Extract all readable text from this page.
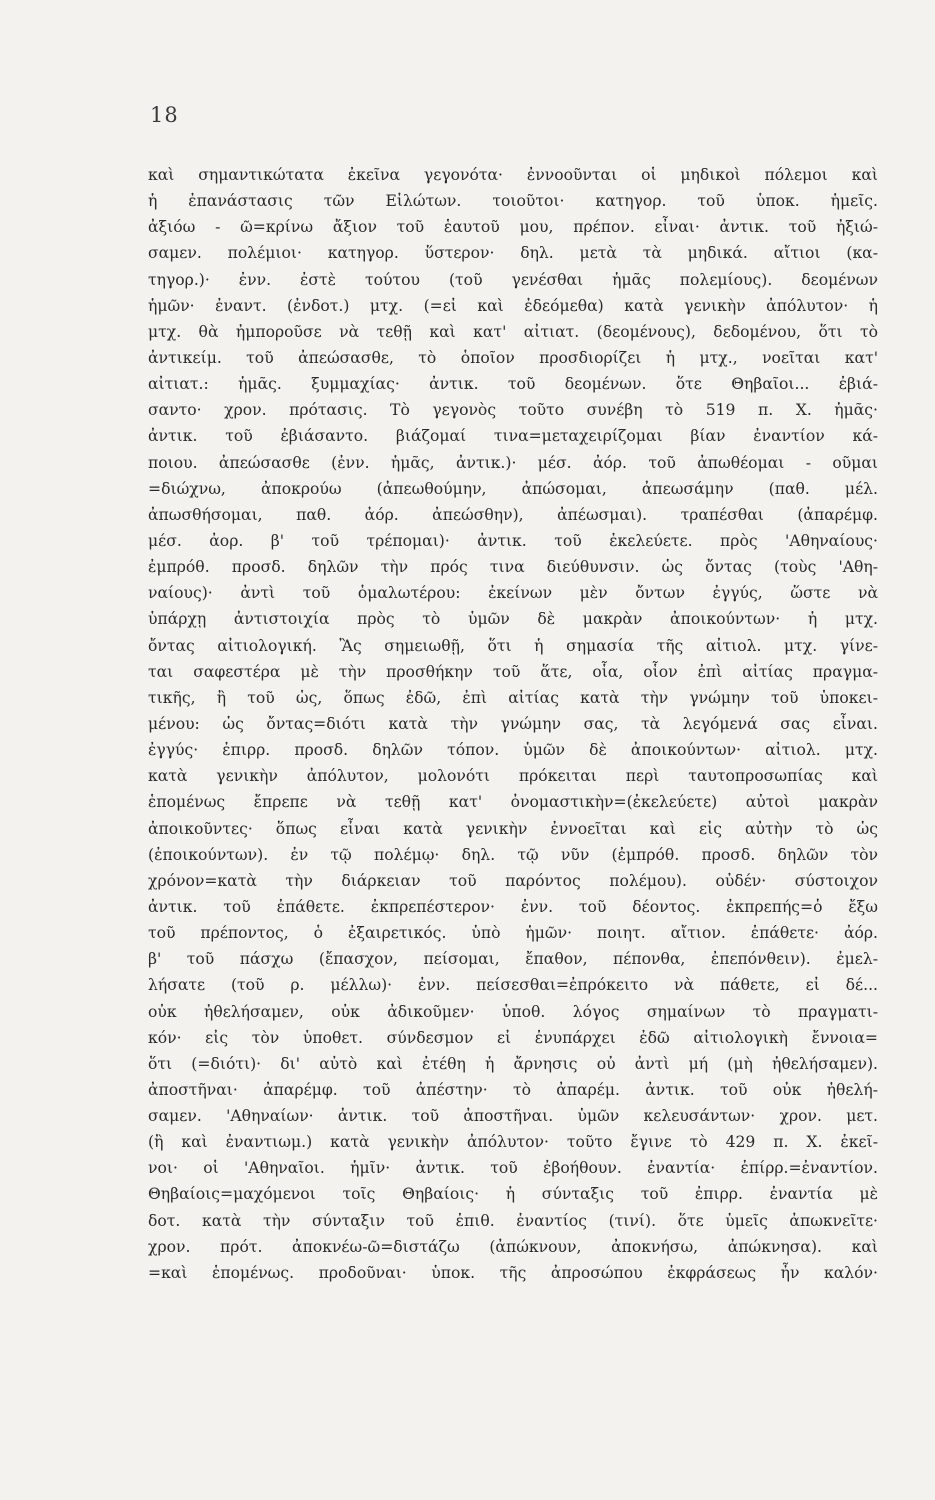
18
καὶ σημαντικώτατα ἐκεῖνα γεγονότα· ἐννοοῦνται οἱ μηδικοὶ πόλεμοι καὶ
ἡ ἐπανάστασις τῶν Εἱλώτων. τοιοῦτοι· κατηγορ. τοῦ ὑποκ. ἡμεῖς.
ἀξιόω - ῶ=κρίνω ἄξιον τοῦ ἑαυτοῦ μου, πρέπον. εἶναι· ἀντικ. τοῦ ἠξιώ-
σαμεν. πολέμιοι· κατηγορ. ὕστερον· δηλ. μετὰ τὰ μηδικά. αἴτιοι (κα-
τηγορ.)· ἐνν. ἐστὲ τούτου (τοῦ γενέσθαι ἡμᾶς πολεμίους). δεομένων
ἡμῶν· ἐναντ. (ἐνδοτ.) μτχ. (=εἰ καὶ ἐδεόμεθα) κατὰ γενικὴν ἀπόλυτον· ἡ
μτχ. θὰ ἠμποροῦσε νὰ τεθῇ καὶ κατ' αἰτιατ. (δεομένους), δεδομένου, ὅτι τὸ
ἀντικείμ. τοῦ ἀπεώσασθε, τὸ ὁποῖον προσδιορίζει ἡ μτχ., νοεῖται κατ'
αἰτιατ.: ἡμᾶς. ξυμμαχίας· ἀντικ. τοῦ δεομένων. ὅτε Θηβαῖοι... ἐβιά-
σαντο· χρον. πρότασις. Τὸ γεγονὸς τοῦτο συνέβη τὸ 519 π. Χ. ἡμᾶς·
ἀντικ. τοῦ ἐβιάσαντο. βιάζομαί τινα=μεταχειρίζομαι βίαν ἐναντίον κά-
ποιου. ἀπεώσασθε (ἐνν. ἡμᾶς, ἀντικ.)· μέσ. ἀόρ. τοῦ ἀπωθέομαι - οῦμαι
=διώχνω, ἀποκρούω (ἀπεωθούμην, ἀπώσομαι, ἀπεωσάμην (παθ. μέλ.
ἀπωσθήσομαι, παθ. ἀόρ. ἀπεώσθην), ἀπέωσμαι). τραπέσθαι (ἀπαρέμφ.
μέσ. ἀορ. β' τοῦ τρέπομαι)· ἀντικ. τοῦ ἐκελεύετε. πρὸς 'Αθηναίους·
ἐμπρόθ. προσδ. δηλῶν τὴν πρός τινα διεύθυνσιν. ὡς ὄντας (τοὺς 'Αθη-
ναίους)· ἀντὶ τοῦ ὁμαλωτέρου: ἐκείνων μὲν ὄντων ἐγγύς, ὥστε νὰ
ὑπάρχῃ ἀντιστοιχία πρὸς τὸ ὑμῶν δὲ μακρὰν ἀποικούντων· ἡ μτχ.
ὄντας αἰτιολογική. Ἂς σημειωθῇ, ὅτι ἡ σημασία τῆς αἰτιολ. μτχ. γίνε-
ται σαφεστέρα μὲ τὴν προσθήκην τοῦ ἅτε, οἷα, οἷον ἐπὶ αἰτίας πραγμα-
τικῆς, ἢ τοῦ ὡς, ὅπως ἐδῶ, ἐπὶ αἰτίας κατὰ τὴν γνώμην τοῦ ὑποκει-
μένου: ὡς ὄντας=διότι κατὰ τὴν γνώμην σας, τὰ λεγόμενά σας εἶναι.
ἐγγύς· ἐπιρρ. προσδ. δηλῶν τόπον. ὑμῶν δὲ ἀποικούντων· αἰτιολ. μτχ.
κατὰ γενικὴν ἀπόλυτον, μολονότι πρόκειται περὶ ταυτοπροσωπίας καὶ
ἑπομένως ἔπρεπε νὰ τεθῇ κατ' ὀνομαστικὴν=(ἐκελεύετε) αὐτοὶ μακρὰν
ἀποικοῦντες· ὅπως εἶναι κατὰ γενικὴν ἐννοεῖται καὶ εἰς αὐτὴν τὸ ὡς
(ἐποικούντων). ἐν τῷ πολέμῳ· δηλ. τῷ νῦν (ἐμπρόθ. προσδ. δηλῶν τὸν
χρόνον=κατὰ τὴν διάρκειαν τοῦ παρόντος πολέμου). οὐδέν· σύστοιχον
ἀντικ. τοῦ ἐπάθετε. ἐκπρεπέστερον· ἐνν. τοῦ δέοντος. ἐκπρεπής=ὁ ἔξω
τοῦ πρέποντος, ὁ ἐξαιρετικός. ὑπὸ ἡμῶν· ποιητ. αἴτιον. ἐπάθετε· ἀόρ.
β' τοῦ πάσχω (ἔπασχον, πείσομαι, ἔπαθον, πέπονθα, ἐπεπόνθειν). ἐμελ-
λήσατε (τοῦ ρ. μέλλω)· ἐνν. πείσεσθαι=ἐπρόκειτο νὰ πάθετε, εἰ δέ...
οὐκ ἠθελήσαμεν, οὐκ ἀδικοῦμεν· ὑποθ. λόγος σημαίνων τὸ πραγματι-
κόν· εἰς τὸν ὑποθετ. σύνδεσμον εἰ ἐνυπάρχει ἐδῶ αἰτιολογικὴ ἔννοια=
ὅτι (=διότι)· δι' αὐτὸ καὶ ἐτέθη ἡ ἄρνησις οὐ ἀντὶ μή (μὴ ἠθελήσαμεν).
ἀποστῆναι· ἀπαρέμφ. τοῦ ἀπέστην· τὸ ἀπαρέμ. ἀντικ. τοῦ οὐκ ἠθελή-
σαμεν. 'Αθηναίων· ἀντικ. τοῦ ἀποστῆναι. ὑμῶν κελευσάντων· χρον. μετ.
(ἢ καὶ ἐναντιωμ.) κατὰ γενικὴν ἀπόλυτον· τοῦτο ἔγινε τὸ 429 π. Χ. ἐκεῖ-
νοι· οἱ 'Αθηναῖοι. ἡμῖν· ἀντικ. τοῦ ἐβοήθουν. ἐναντία· ἐπίρρ.=ἐναντίον.
Θηβαίοις=μαχόμενοι τοῖς Θηβαίοις· ἡ σύνταξις τοῦ ἐπιρρ. ἐναντία μὲ
δοτ. κατὰ τὴν σύνταξιν τοῦ ἐπιθ. ἐναντίος (τινί). ὅτε ὑμεῖς ἀπωκνεῖτε·
χρον. πρότ. ἀποκνέω-ῶ=διστάζω (ἀπώκνουν, ἀποκνήσω, ἀπώκνησα). καὶ
=καὶ ἑπομένως. προδοῦναι· ὑποκ. τῆς ἀπροσώπου ἐκφράσεως ἦν καλόν·
